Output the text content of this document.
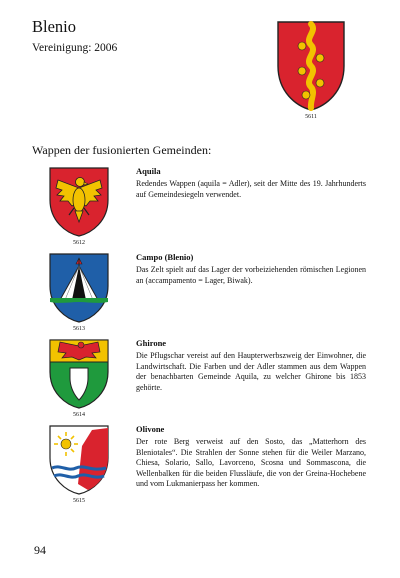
Blenio
Vereinigung: 2006
5611
Wappen der fusionierten Gemeinden:
5612
Aquila

Redendes Wappen (aquila = Adler), seit der Mitte des 19. Jahrhunderts auf Gemeindesiegeln verwendet.

5613
Campo (Blenio)

Das Zelt spielt auf das Lager der vorbeiziehenden römischen Legionen an (accampamento = Lager, Biwak).

5614
Ghirone

Die Pflugschar vereist auf den Haupterwerbszweig der Einwohner, die Landwirtschaft. Die Farben und der Adler stammen aus dem Wappen der benachbarten Gemeinde Aquila, zu welcher Ghirone bis 1853 gehörte.

5615
Olivone

Der rote Berg verweist auf den Sosto, das „Matterhorn des Bleniotales“. Die Strahlen der Sonne stehen für die Weiler Marzano, Chiesa, Solario, Sallo, Lavorceno, Scosna und Sommascona, die Wellenbalken für die beiden Flussläufe, die von der Greina-Hochebene und vom Lukmanierpass her kommen.

94
